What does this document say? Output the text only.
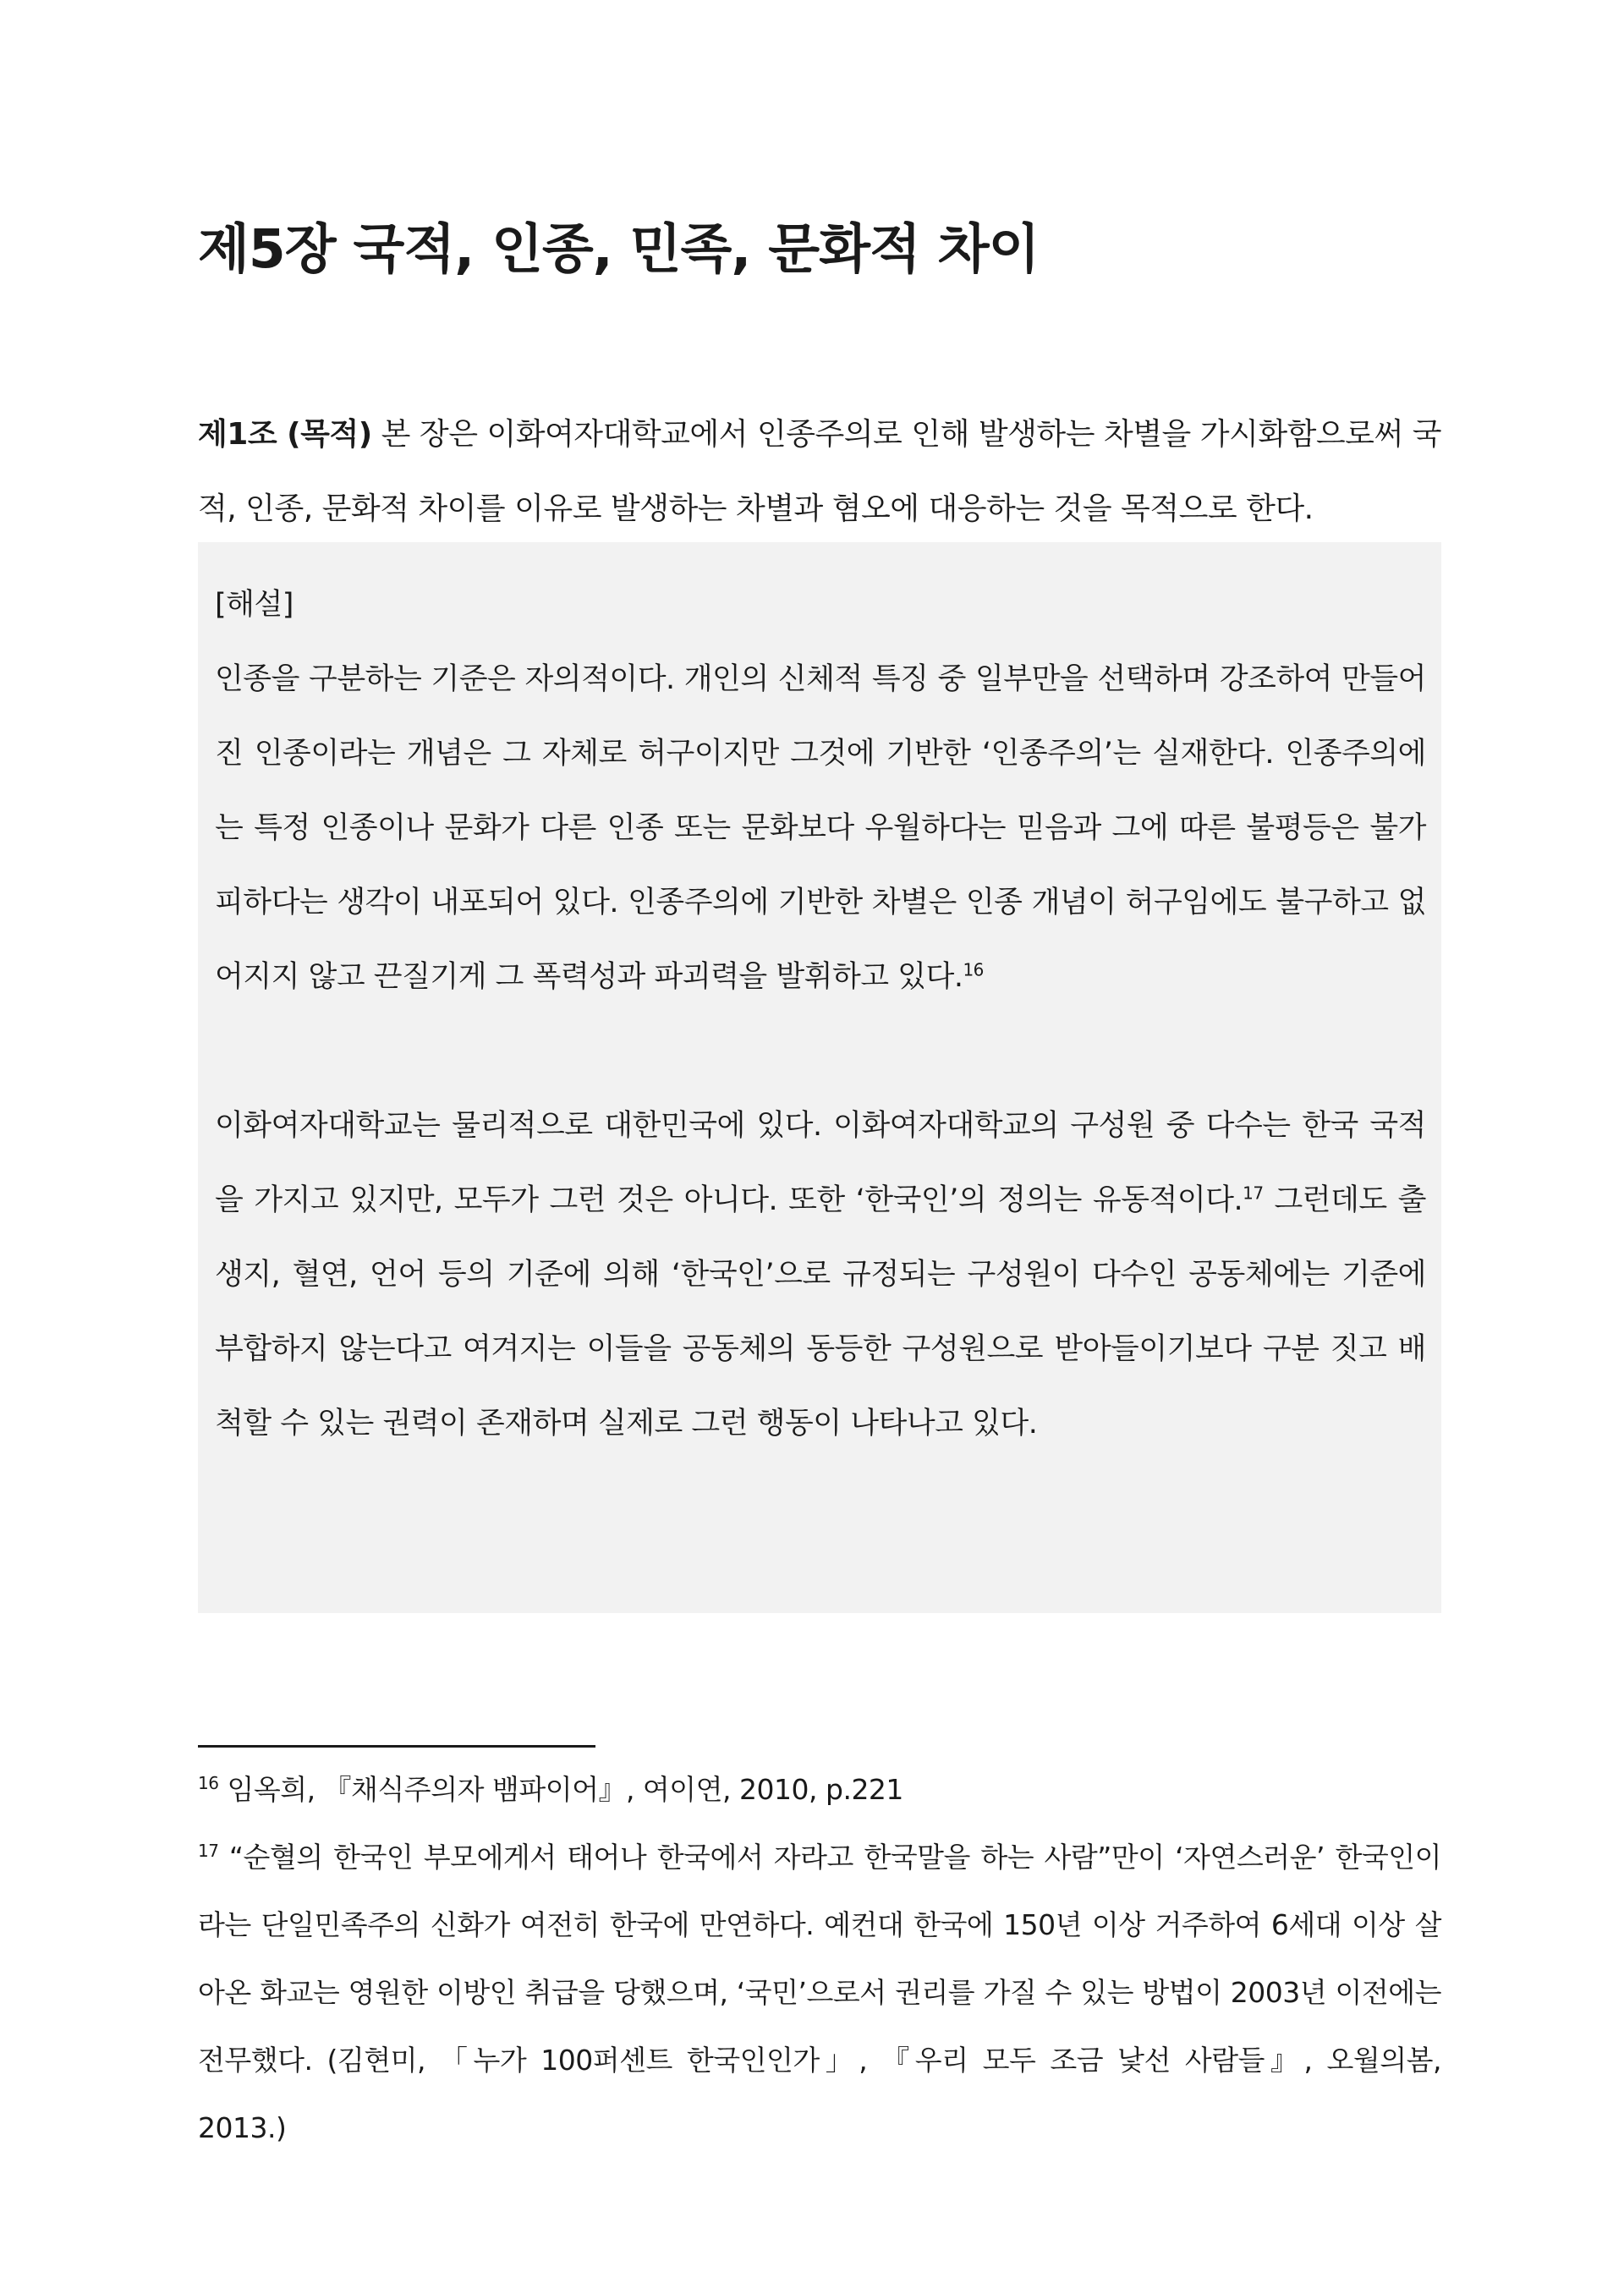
제5장 국적, 인종, 민족, 문화적 차이
제1조 (목적) 본 장은 이화여자대학교에서 인종주의로 인해 발생하는 차별을 가시화함으로써 국적, 인종, 문화적 차이를 이유로 발생하는 차별과 혐오에 대응하는 것을 목적으로 한다.

[해설]

인종을 구분하는 기준은 자의적이다. 개인의 신체적 특징 중 일부만을 선택하며 강조하여 만들어진 인종이라는 개념은 그 자체로 허구이지만 그것에 기반한 ‘인종주의’는 실재한다. 인종주의에는 특정 인종이나 문화가 다른 인종 또는 문화보다 우월하다는 믿음과 그에 따른 불평등은 불가피하다는 생각이 내포되어 있다. 인종주의에 기반한 차별은 인종 개념이 허구임에도 불구하고 없어지지 않고 끈질기게 그 폭력성과 파괴력을 발휘하고 있다.$^{16}$

이화여자대학교는 물리적으로 대한민국에 있다. 이화여자대학교의 구성원 중 다수는 한국 국적을 가지고 있지만, 모두가 그런 것은 아니다. 또한 ‘한국인’의 정의는 유동적이다.$^{17}$ 그런데도 출생지, 혈연, 언어 등의 기준에 의해 ‘한국인’으로 규정되는 구성원이 다수인 공동체에는 기준에 부합하지 않는다고 여겨지는 이들을 공동체의 동등한 구성원으로 받아들이기보다 구분 짓고 배척할 수 있는 권력이 존재하며 실제로 그런 행동이 나타나고 있다.

$^{16}$ 임옥희, 『채식주의자 뱀파이어』, 여이연, 2010, p.221

$^{17}$ “순혈의 한국인 부모에게서 태어나 한국에서 자라고 한국말을 하는 사람”만이 ‘자연스러운’ 한국인이라는 단일민족주의 신화가 여전히 한국에 만연하다. 예컨대 한국에 150년 이상 거주하여 6세대 이상 살아온 화교는 영원한 이방인 취급을 당했으며, ‘국민’으로서 권리를 가질 수 있는 방법이 2003년 이전에는 전무했다. (김현미, 「누가 100퍼센트 한국인인가」, 『우리 모두 조금 낯선 사람들』, 오월의봄, 2013.)
